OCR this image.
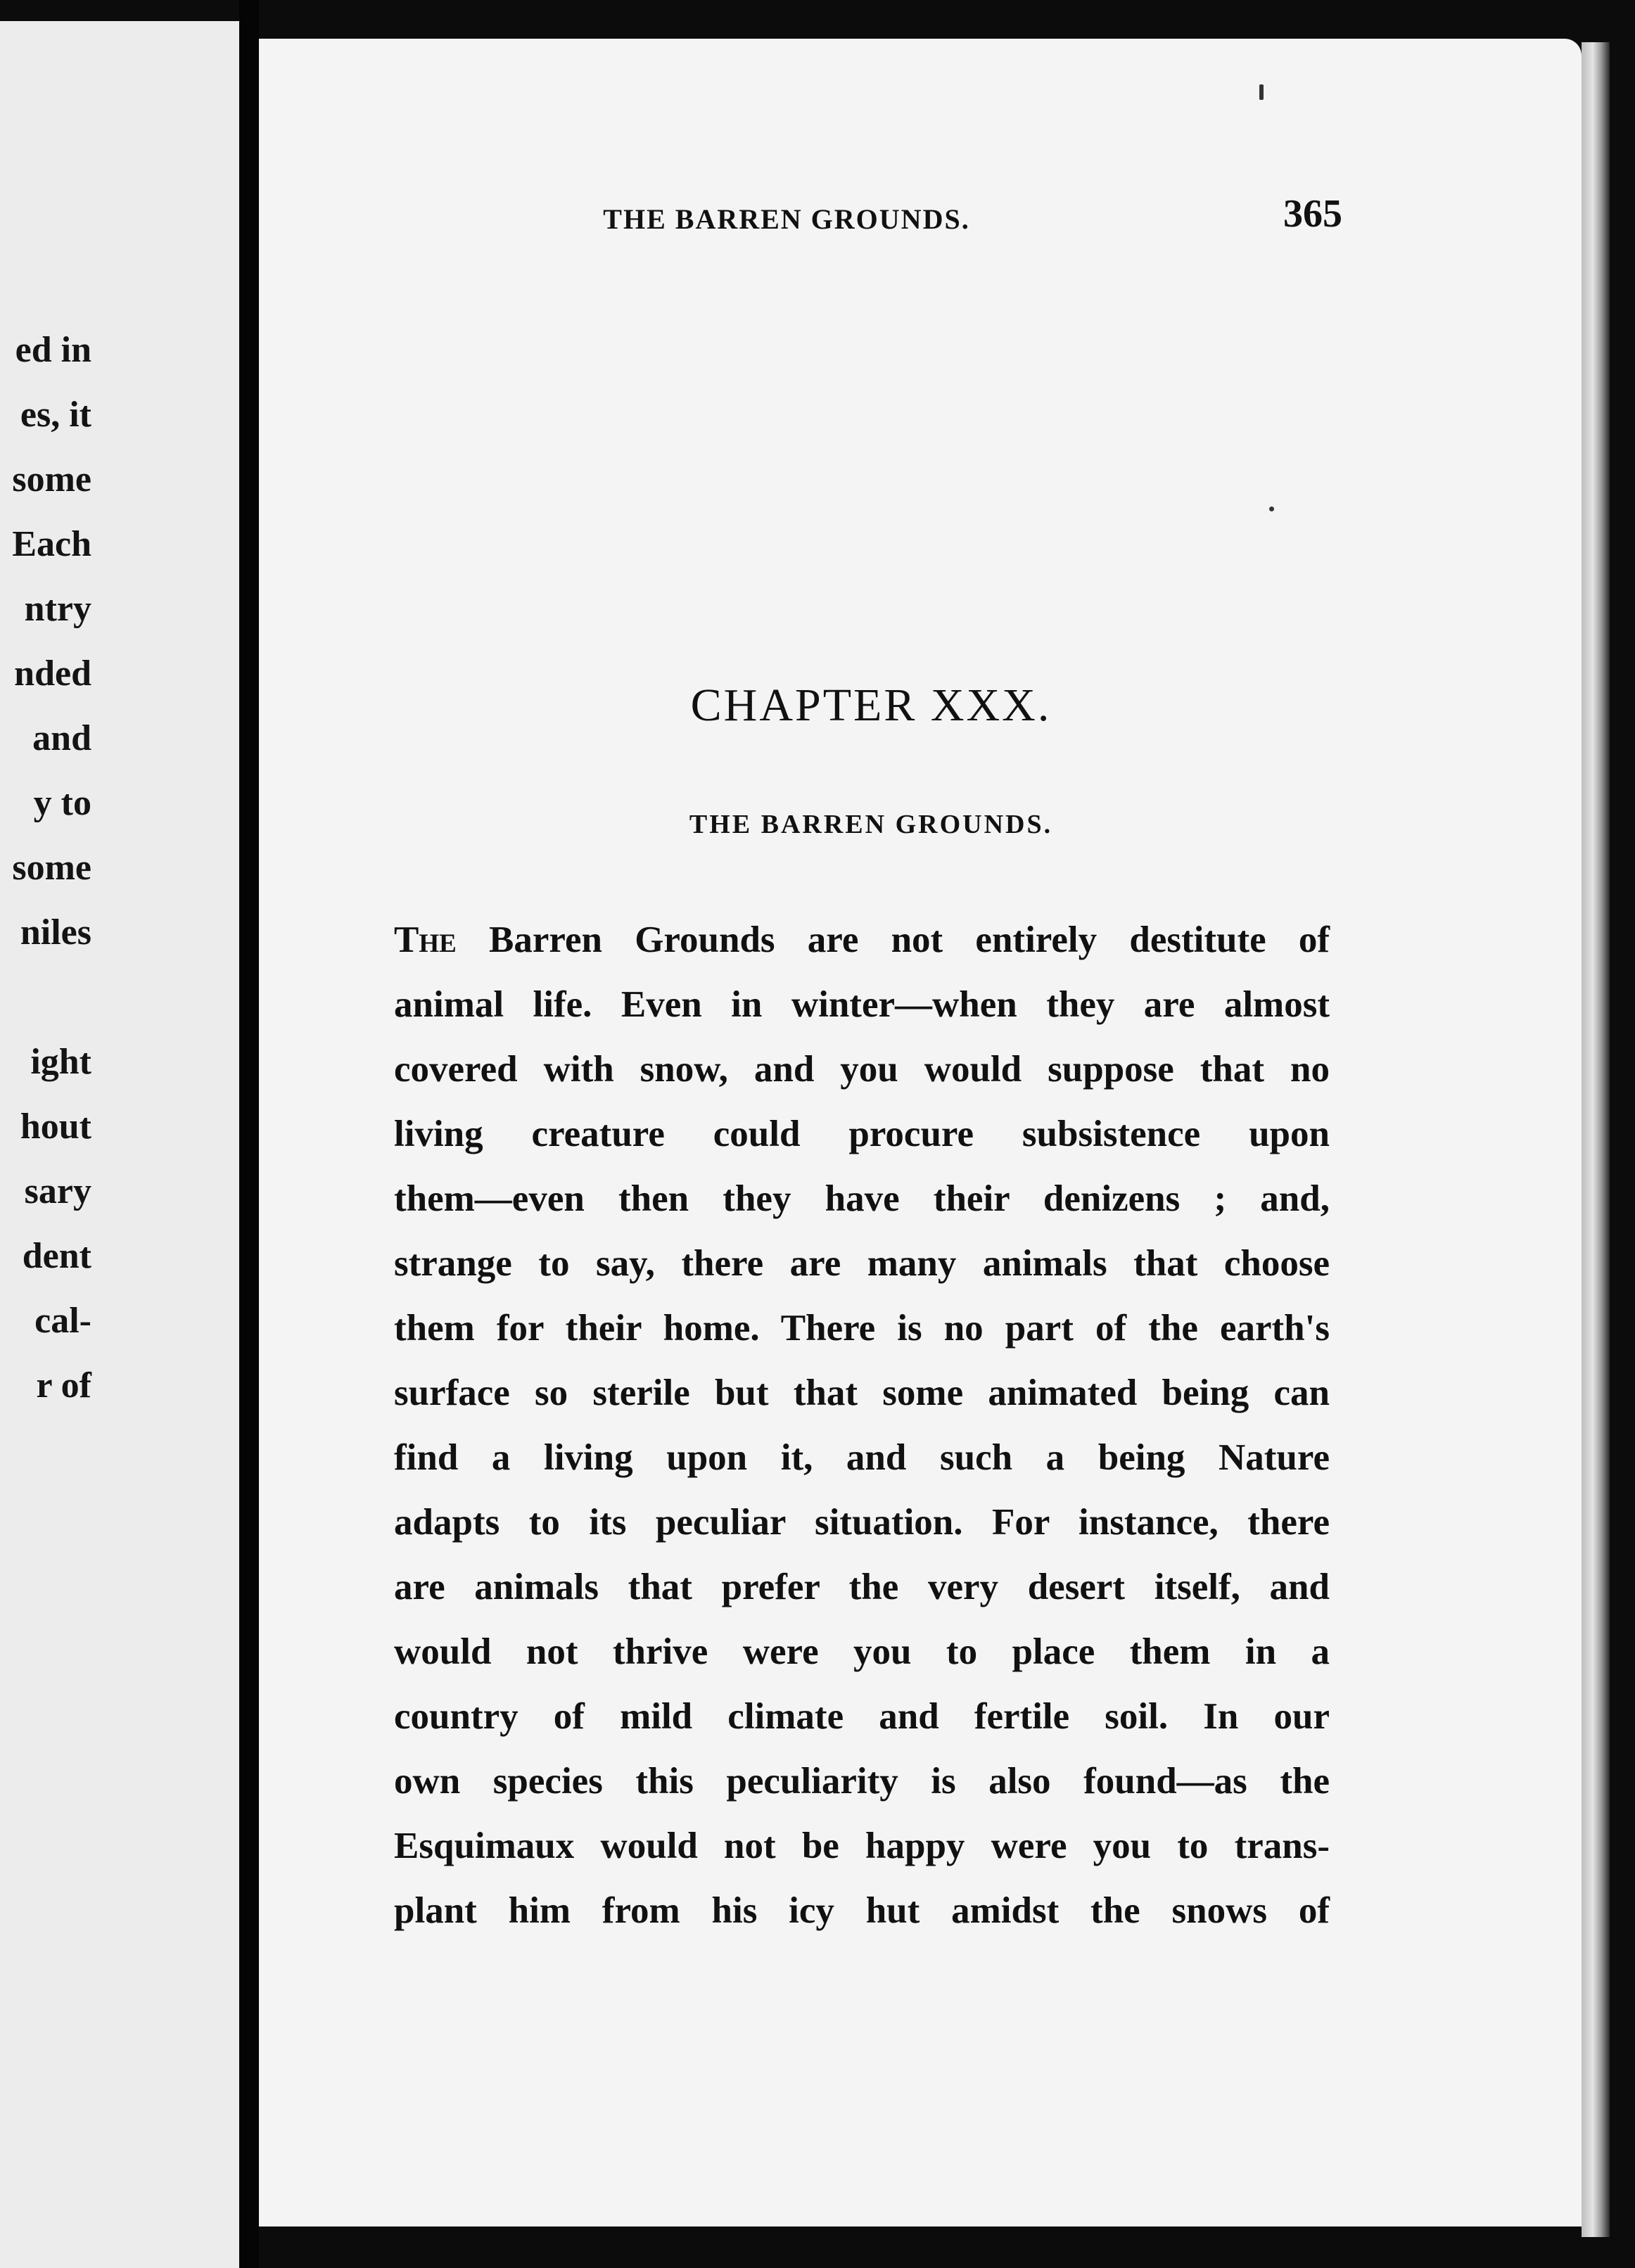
ed in
es, it
some
Each
ntry
nded
and
y to
some
niles
ight
hout
sary
dent
cal-
r of
THE BARREN GROUNDS.	365
CHAPTER XXX.
THE BARREN GROUNDS.
The Barren Grounds are not entirely destitute of
animal life. Even in winter—when they are almost
covered with snow, and you would suppose that no
living creature could procure subsistence upon
them—even then they have their denizens ; and,
strange to say, there are many animals that choose
them for their home. There is no part of the earth's
surface so sterile but that some animated being can
find a living upon it, and such a being Nature
adapts to its peculiar situation. For instance, there
are animals that prefer the very desert itself, and
would not thrive were you to place them in a
country of mild climate and fertile soil. In our
own species this peculiarity is also found—as the
Esquimaux would not be happy were you to trans-
plant him from his icy hut amidst the snows of
